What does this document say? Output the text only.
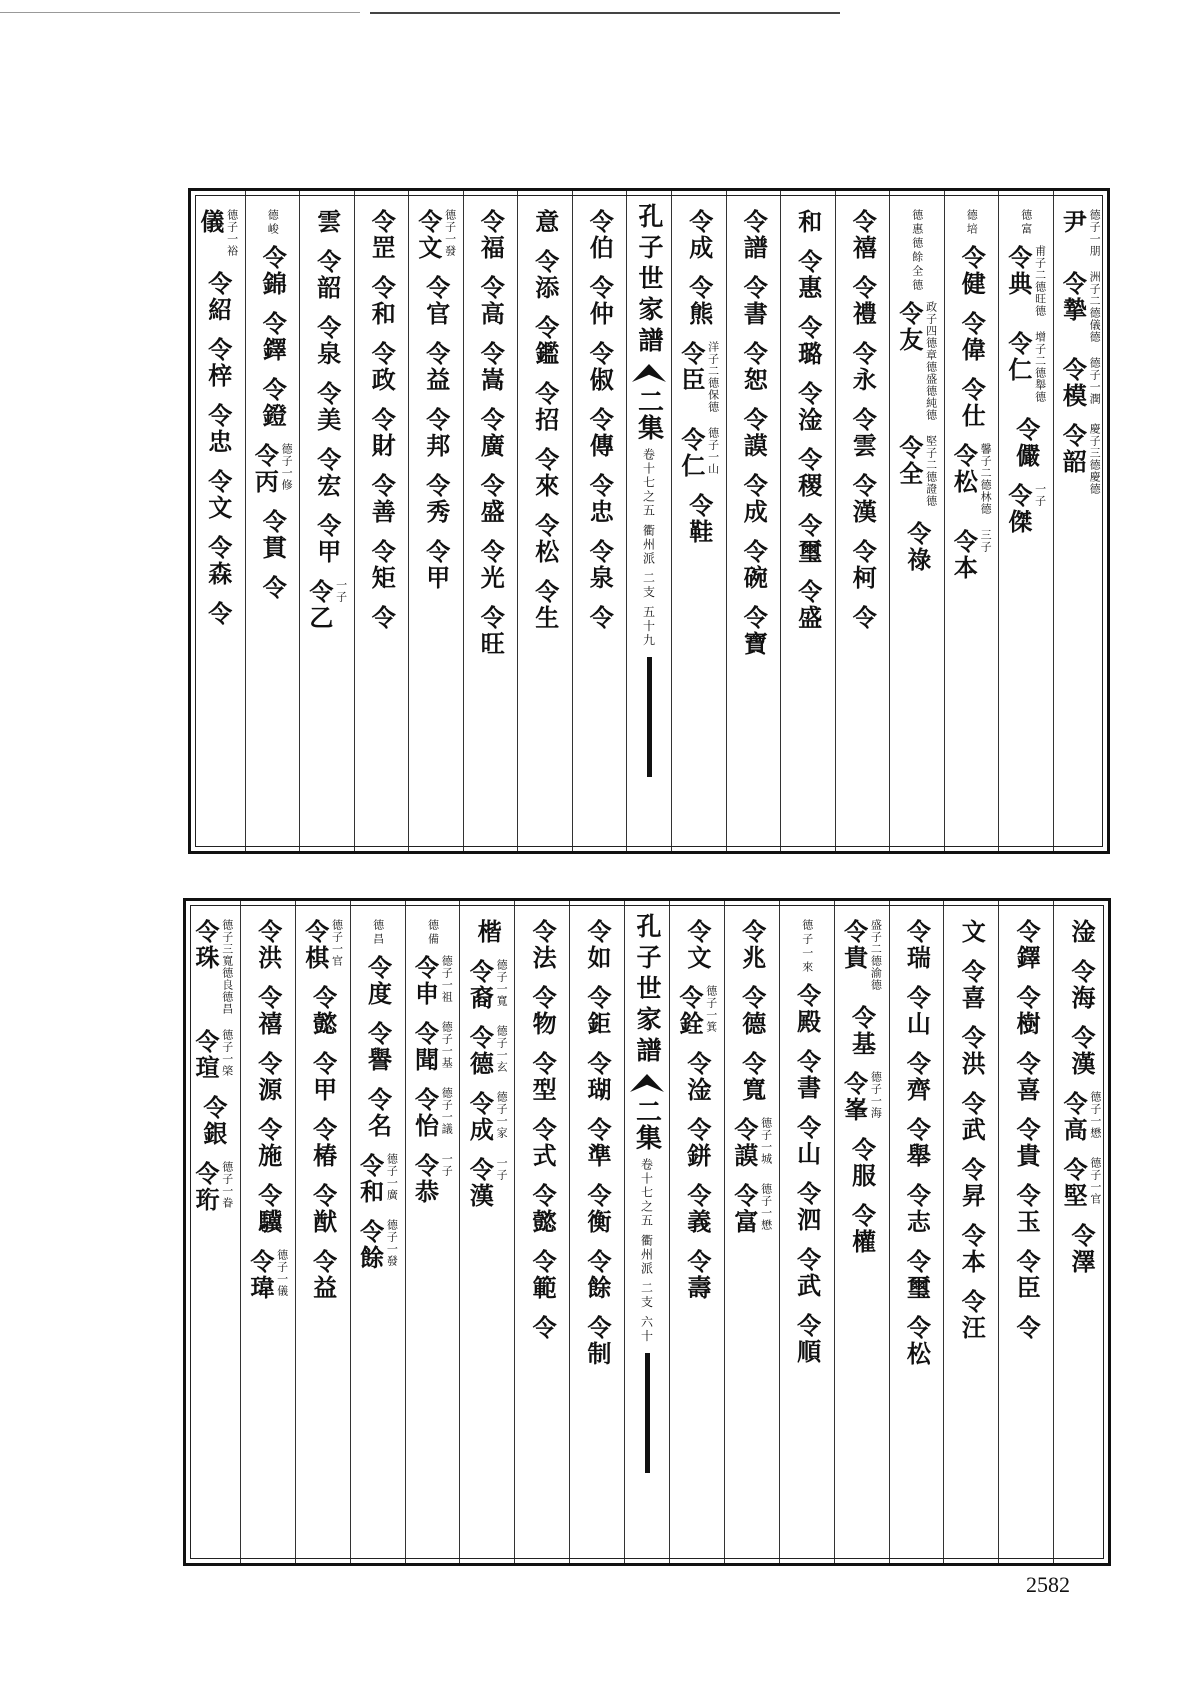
尹 德子一朋
令摯 洲子二德儀德
令模 德子一潤
令韶 慶子三德慶德
德富
令典 甫子二德旺德
令仁 增子二德舉德
令儼
令傑 一子
德培
令健
令偉
令仕
令松 馨子二德林德
令本 三子
德惠德餘全德
令友 政子四德章德盛德純德
令全 堅子二德證德
令祿
令禧
令禮
令永
令雲
令漢
令柯
令
和
令惠
令璐
令淦
令稷
令璽
令盛
令譜
令書
令恕
令謨
令成
令碗
令寶
令成
令熊
令臣 洋子二德保德
令仁 德子一山
令鞋
孔子世家譜
二集
卷十七之五 衢州派 二支 五十九
令伯
令仲
令俶
令傳
令忠
令泉
令
意
令添
令鑑
令招
令來
令松
令生
令福
令高
令嵩
令廣
令盛
令光
令旺
令文 德子一發
令官
令益
令邦
令秀
令甲
令罡
令和
令政
令財
令善
令矩
令
雲
令韶
令泉
令美
令宏
令甲
令乙 一子
德峻
令錦
令鐸
令鐙
令丙 德子一修
令貫
令
儀 德子一裕
令紹
令梓
令忠
令文
令森
令
淦
令海
令漢
令高 德子一懋
令堅 德子一官
令澤
令鐸
令樹
令喜
令貴
令玉
令臣
令
文
令喜
令洪
令武
令昇
令本
令汪
令瑞
令山
令齊
令舉
令志
令璽
令松
令貴 盛子二德渝德
令基
令峯 德子一海
令服
令權
德子一來
令殿
令書
令山
令泗
令武
令順
令兆
令德
令寬
令謨 德子一城
令富 德子一懋
令文
令銓 德子一箕
令淦
令鉼
令義
令壽
孔子世家譜
二集
卷十七之五 衢州派 二支 六十
令如
令鉅
令瑚
令準
令衡
令餘
令制
令法
令物
令型
令式
令懿
令範
令
楷
令裔 德子一寬
令德 德子一玄
令成 德子一家
令漢 一子
德備
令申 德子一祖
令聞 德子一基
令怡 德子一議
令恭 一子
德昌
令度
令譽
令名
令和 德子一廣
令餘 德子一發
令棋 德子一官
令懿
令甲
令椿
令猷
令益
令洪
令禧
令源
令施
令驥
令瑋 德子一儀
令珠 德子三寬德良德昌
令瑄 德子一棨
令銀
令珩 德子一眷
2582
